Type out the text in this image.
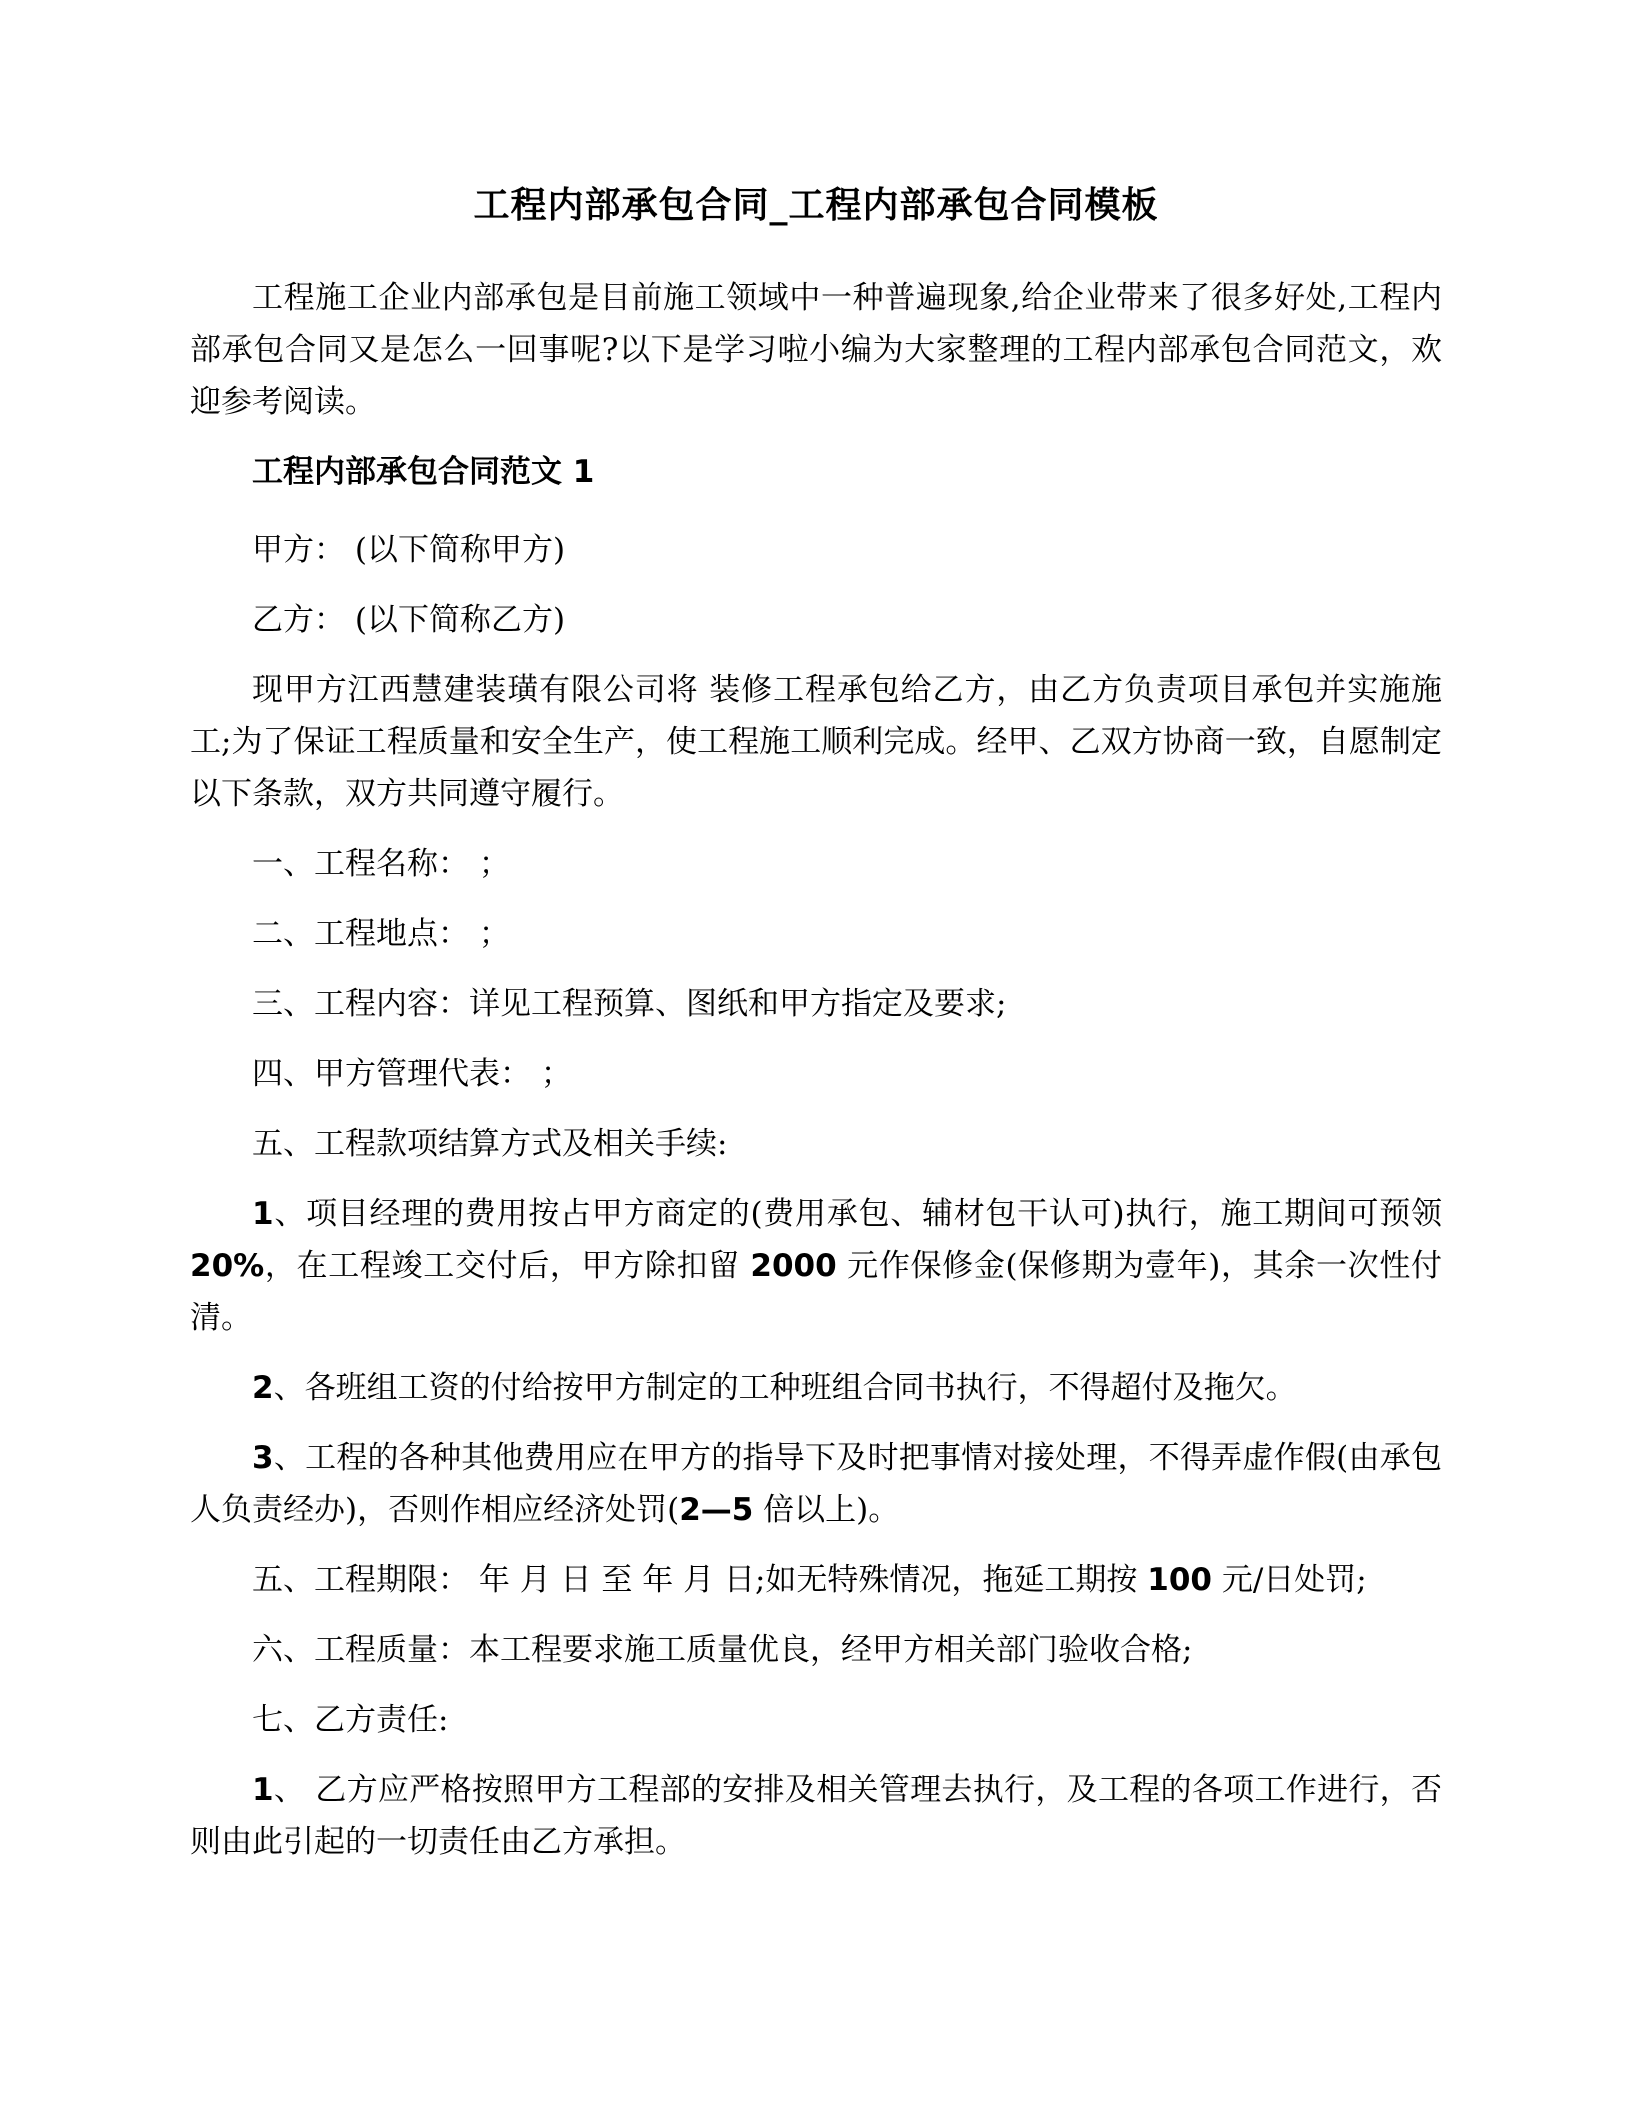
工程内部承包合同_工程内部承包合同模板

工程施工企业内部承包是目前施工领域中一种普遍现象,给企业带来了很多好处,工程内部承包合同又是怎么一回事呢?以下是学习啦小编为大家整理的工程内部承包合同范文，欢迎参考阅读。

工程内部承包合同范文 1

甲方： (以下简称甲方)

乙方： (以下简称乙方)

现甲方江西慧建装璜有限公司将 装修工程承包给乙方，由乙方负责项目承包并实施施工;为了保证工程质量和安全生产，使工程施工顺利完成。经甲、乙双方协商一致，自愿制定以下条款，双方共同遵守履行。

一、工程名称： ；

二、工程地点： ；

三、工程内容：详见工程预算、图纸和甲方指定及要求;

四、甲方管理代表： ；

五、工程款项结算方式及相关手续:

1、项目经理的费用按占甲方商定的(费用承包、辅材包干认可)执行，施工期间可预领 20%，在工程竣工交付后，甲方除扣留 2000 元作保修金(保修期为壹年)，其余一次性付清。

2、各班组工资的付给按甲方制定的工种班组合同书执行，不得超付及拖欠。

3、工程的各种其他费用应在甲方的指导下及时把事情对接处理，不得弄虚作假(由承包人负责经办)，否则作相应经济处罚(2—5 倍以上)。

五、工程期限： 年 月 日 至 年 月 日;如无特殊情况，拖延工期按 100 元/日处罚;

六、工程质量：本工程要求施工质量优良，经甲方相关部门验收合格;

七、乙方责任:

1、 乙方应严格按照甲方工程部的安排及相关管理去执行，及工程的各项工作进行，否则由此引起的一切责任由乙方承担。
